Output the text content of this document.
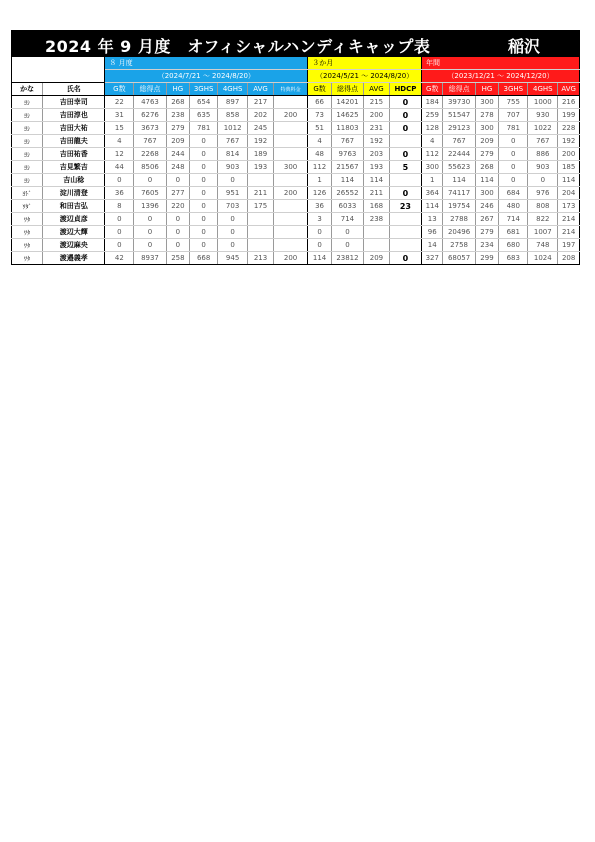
2024 年 9 月度　オフィシャルハンディキャップ表	稲沢
		８ 月度							３か月				年間					
		（2024/7/21 ～ 2024/8/20）							（2024/5/21 ～ 2024/8/20）				（2023/12/21 ～ 2024/12/20）					
かな	氏名	G数	総得点	HG	3GHS	4GHS	AVG	特典料金	G数	総得点	AVG	HDCP	G数	総得点	HG	3GHS	4GHS	AVG
ﾖｼ	吉田幸司	22	4763	268	654	897	217		66	14201	215	0	184	39730	300	755	1000	216
ﾖｼ	吉田淳也	31	6276	238	635	858	202	200	73	14625	200	0	259	51547	278	707	930	199
ﾖｼ	吉田大祐	15	3673	279	781	1012	245		51	11803	231	0	128	29123	300	781	1022	228
ﾖｼ	吉田龍夫	4	767	209	0	767	192		4	767	192		4	767	209	0	767	192
ﾖｼ	吉田祐香	12	2268	244	0	814	189		48	9763	203	0	112	22444	279	0	886	200
ﾖｼ	吉見繁吉	44	8506	248	0	903	193	300	112	21567	193	5	300	55623	268	0	903	185
ﾖｼ	吉山稔	0	0	0	0	0			1	114	114		1	114	114	0	0	114
ﾖﾄﾞ	淀川清登	36	7605	277	0	951	211	200	126	26552	211	0	364	74117	300	684	976	204
ﾜﾀﾞ	和田吉弘	8	1396	220	0	703	175		36	6033	168	23	114	19754	246	480	808	173
ﾜﾀ	渡辺貞彦	0	0	0	0	0			3	714	238		13	2788	267	714	822	214
ﾜﾀ	渡辺大輝	0	0	0	0	0			0	0			96	20496	279	681	1007	214
ﾜﾀ	渡辺麻央	0	0	0	0	0			0	0			14	2758	234	680	748	197
ﾜﾀ	渡邉義孝	42	8937	258	668	945	213	200	114	23812	209	0	327	68057	299	683	1024	208
